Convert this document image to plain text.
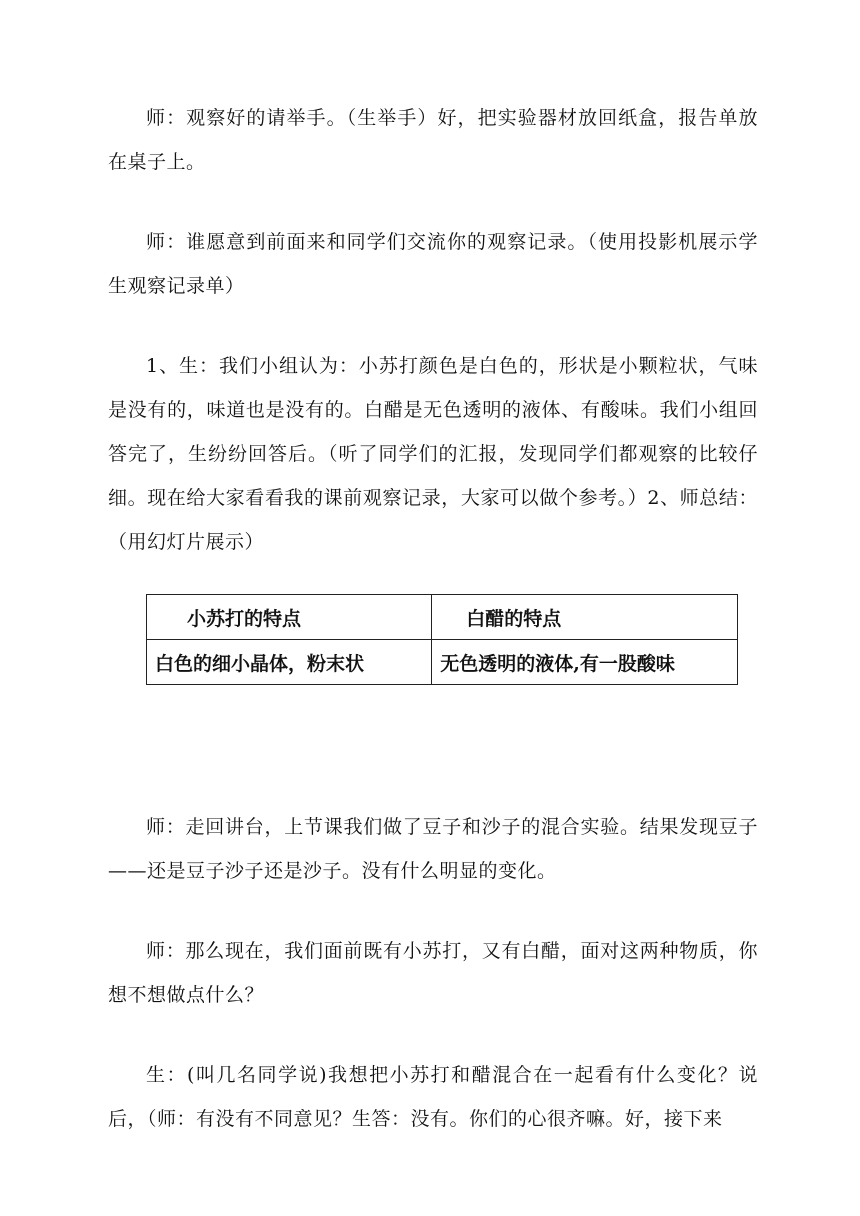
师：观察好的请举手。（生举手）好，把实验器材放回纸盒，报告单放在桌子上。

师：谁愿意到前面来和同学们交流你的观察记录。（使用投影机展示学生观察记录单）

1、生：我们小组认为：小苏打颜色是白色的，形状是小颗粒状，气味是没有的，味道也是没有的。白醋是无色透明的液体、有酸味。我们小组回答完了，生纷纷回答后。（听了同学们的汇报，发现同学们都观察的比较仔细。现在给大家看看我的课前观察记录，大家可以做个参考。）2、师总结：（用幻灯片展示）

小苏打的特点	白醋的特点
白色的细小晶体，粉末状	无色透明的液体,有一股酸味

师：走回讲台，上节课我们做了豆子和沙子的混合实验。结果发现豆子——还是豆子沙子还是沙子。没有什么明显的变化。

师：那么现在，我们面前既有小苏打，又有白醋，面对这两种物质，你想不想做点什么？

生：(叫几名同学说)我想把小苏打和醋混合在一起看有什么变化？说后，（师：有没有不同意见？生答：没有。你们的心很齐嘛。好，接下来
